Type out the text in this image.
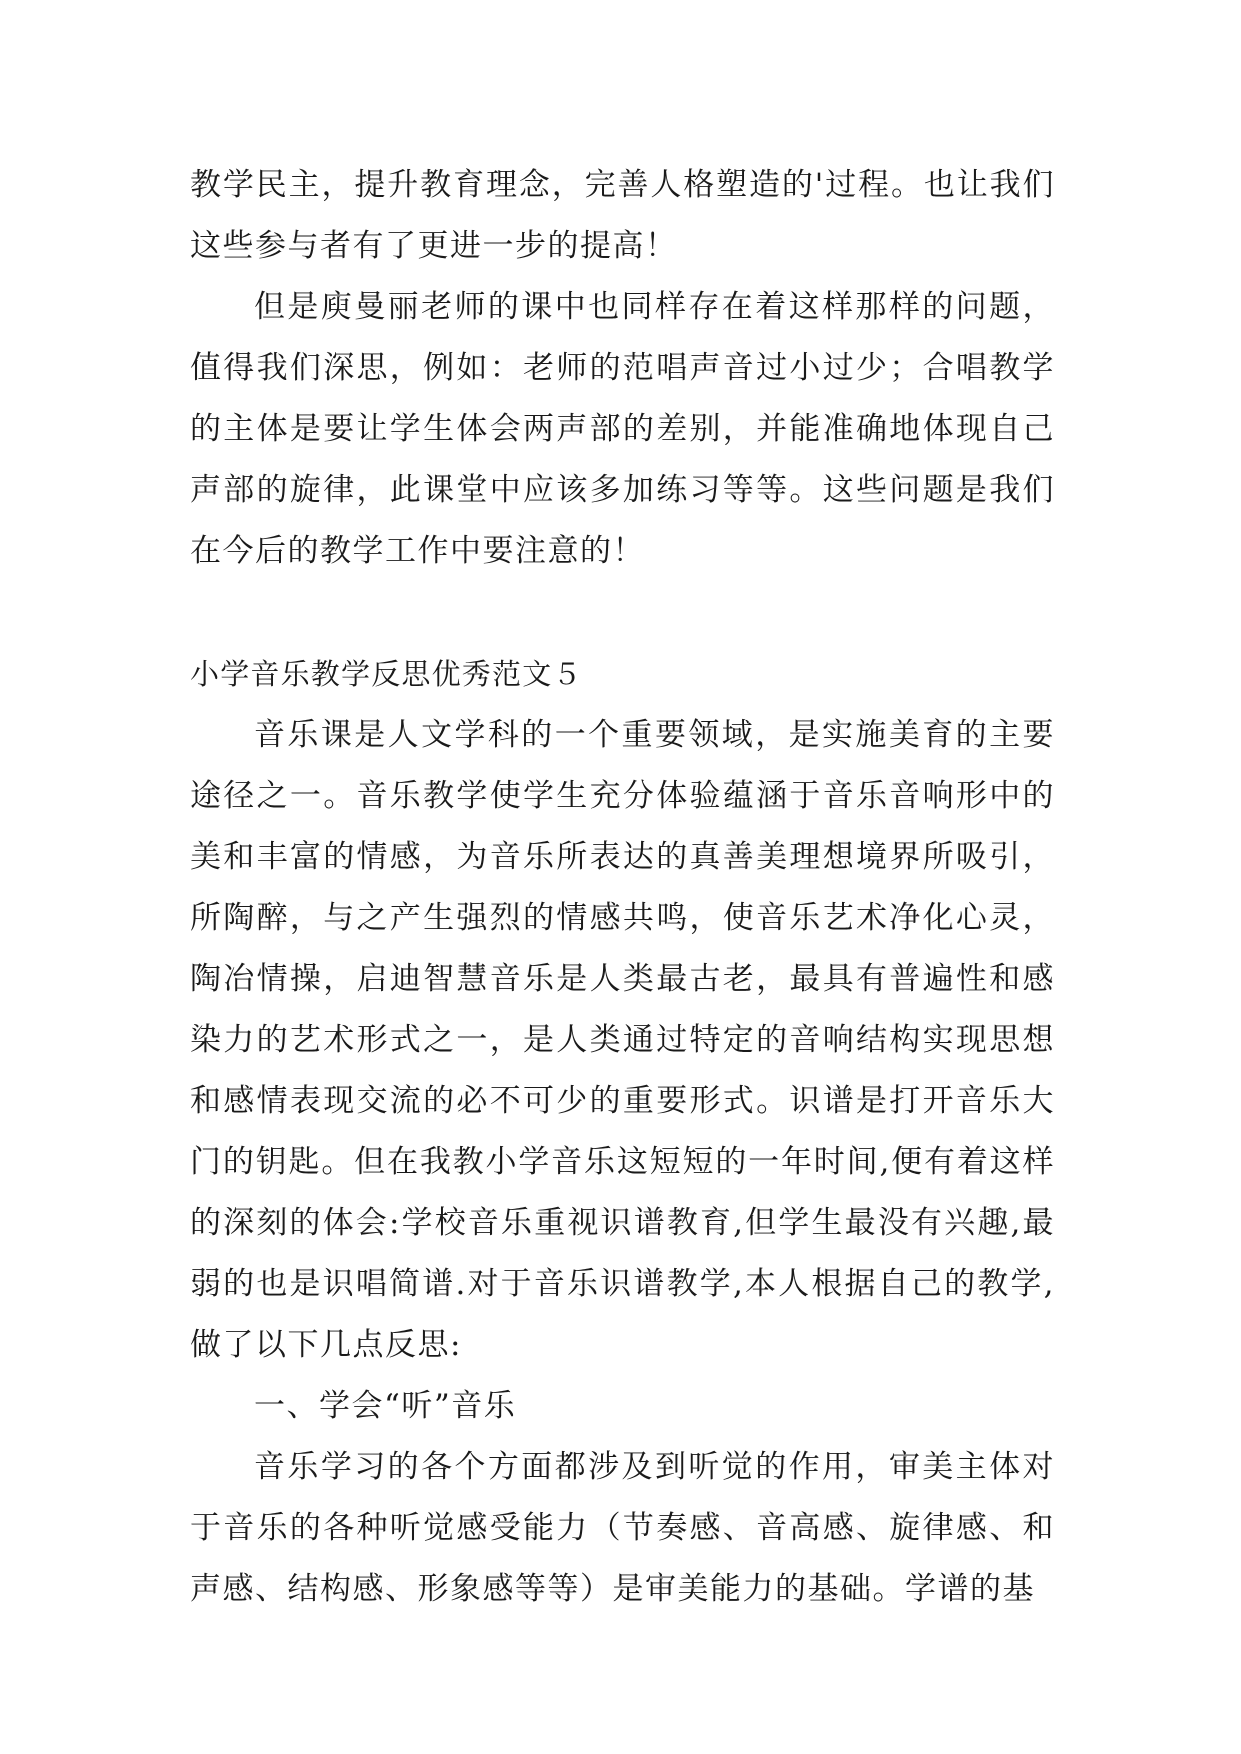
教学民主，提升教育理念，完善人格塑造的'过程。也让我们这些参与者有了更进一步的提高！

但是庾曼丽老师的课中也同样存在着这样那样的问题，值得我们深思，例如：老师的范唱声音过小过少；合唱教学的主体是要让学生体会两声部的差别，并能准确地体现自己声部的旋律，此课堂中应该多加练习等等。这些问题是我们在今后的教学工作中要注意的！

小学音乐教学反思优秀范文５

音乐课是人文学科的一个重要领域，是实施美育的主要途径之一。音乐教学使学生充分体验蕴涵于音乐音响形中的美和丰富的情感，为音乐所表达的真善美理想境界所吸引，所陶醉，与之产生强烈的情感共鸣，使音乐艺术净化心灵，陶冶情操，启迪智慧音乐是人类最古老，最具有普遍性和感染力的艺术形式之一，是人类通过特定的音响结构实现思想和感情表现交流的必不可少的重要形式。识谱是打开音乐大门的钥匙。但在我教小学音乐这短短的一年时间,便有着这样的深刻的体会:学校音乐重视识谱教育,但学生最没有兴趣,最弱的也是识唱简谱.对于音乐识谱教学,本人根据自己的教学,做了以下几点反思:

一、学会“听”音乐

音乐学习的各个方面都涉及到听觉的作用，审美主体对于音乐的各种听觉感受能力（节奏感、音高感、旋律感、和声感、结构感、形象感等等）是审美能力的基础。学谱的基
